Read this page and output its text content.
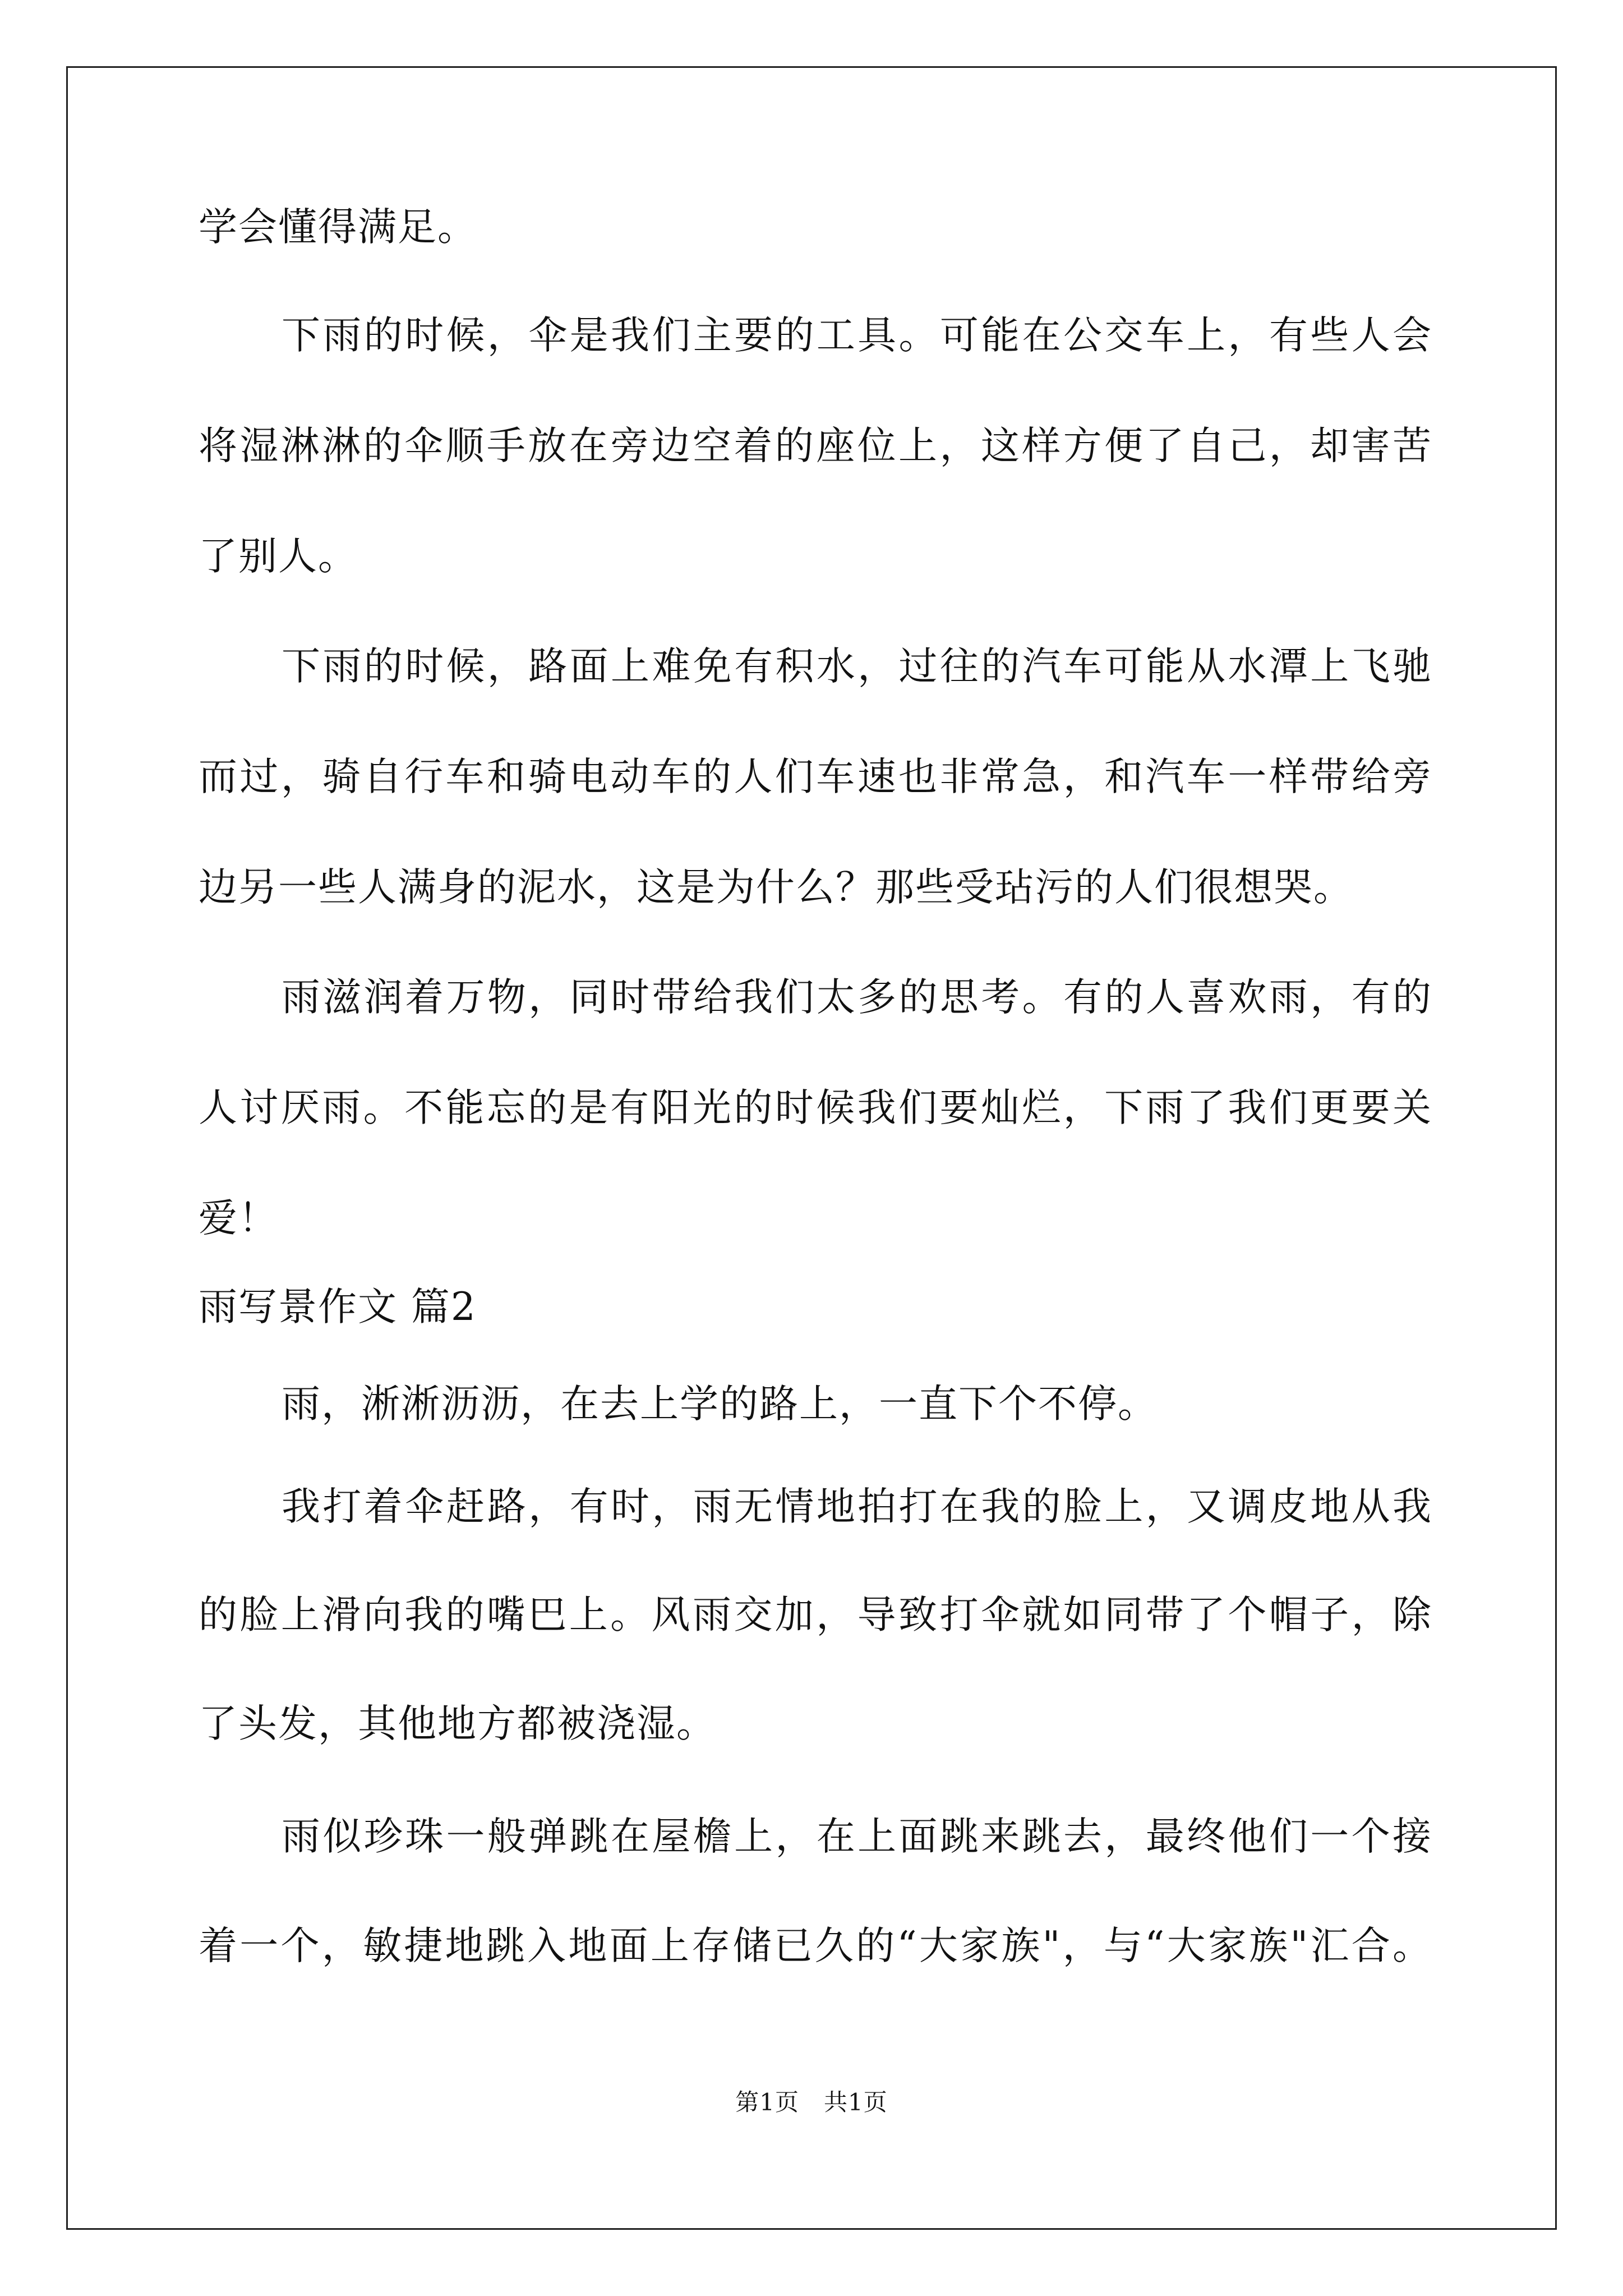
学会懂得满足。
下雨的时候，伞是我们主要的工具。可能在公交车上，有些人会
将湿淋淋的伞顺手放在旁边空着的座位上，这样方便了自己，却害苦
了别人。
下雨的时候，路面上难免有积水，过往的汽车可能从水潭上飞驰
而过，骑自行车和骑电动车的人们车速也非常急，和汽车一样带给旁
边另一些人满身的泥水，这是为什么？那些受玷污的人们很想哭。
雨滋润着万物，同时带给我们太多的思考。有的人喜欢雨，有的
人讨厌雨。不能忘的是有阳光的时候我们要灿烂，下雨了我们更要关
爱！
雨写景作文 篇2
雨，淅淅沥沥，在去上学的路上，一直下个不停。
我打着伞赶路，有时，雨无情地拍打在我的脸上，又调皮地从我
的脸上滑向我的嘴巴上。风雨交加，导致打伞就如同带了个帽子，除
了头发，其他地方都被浇湿。
雨似珍珠一般弹跳在屋檐上，在上面跳来跳去，最终他们一个接
着一个，敏捷地跳入地面上存储已久的“大家族"，与“大家族"汇合。
第1页 共1页
